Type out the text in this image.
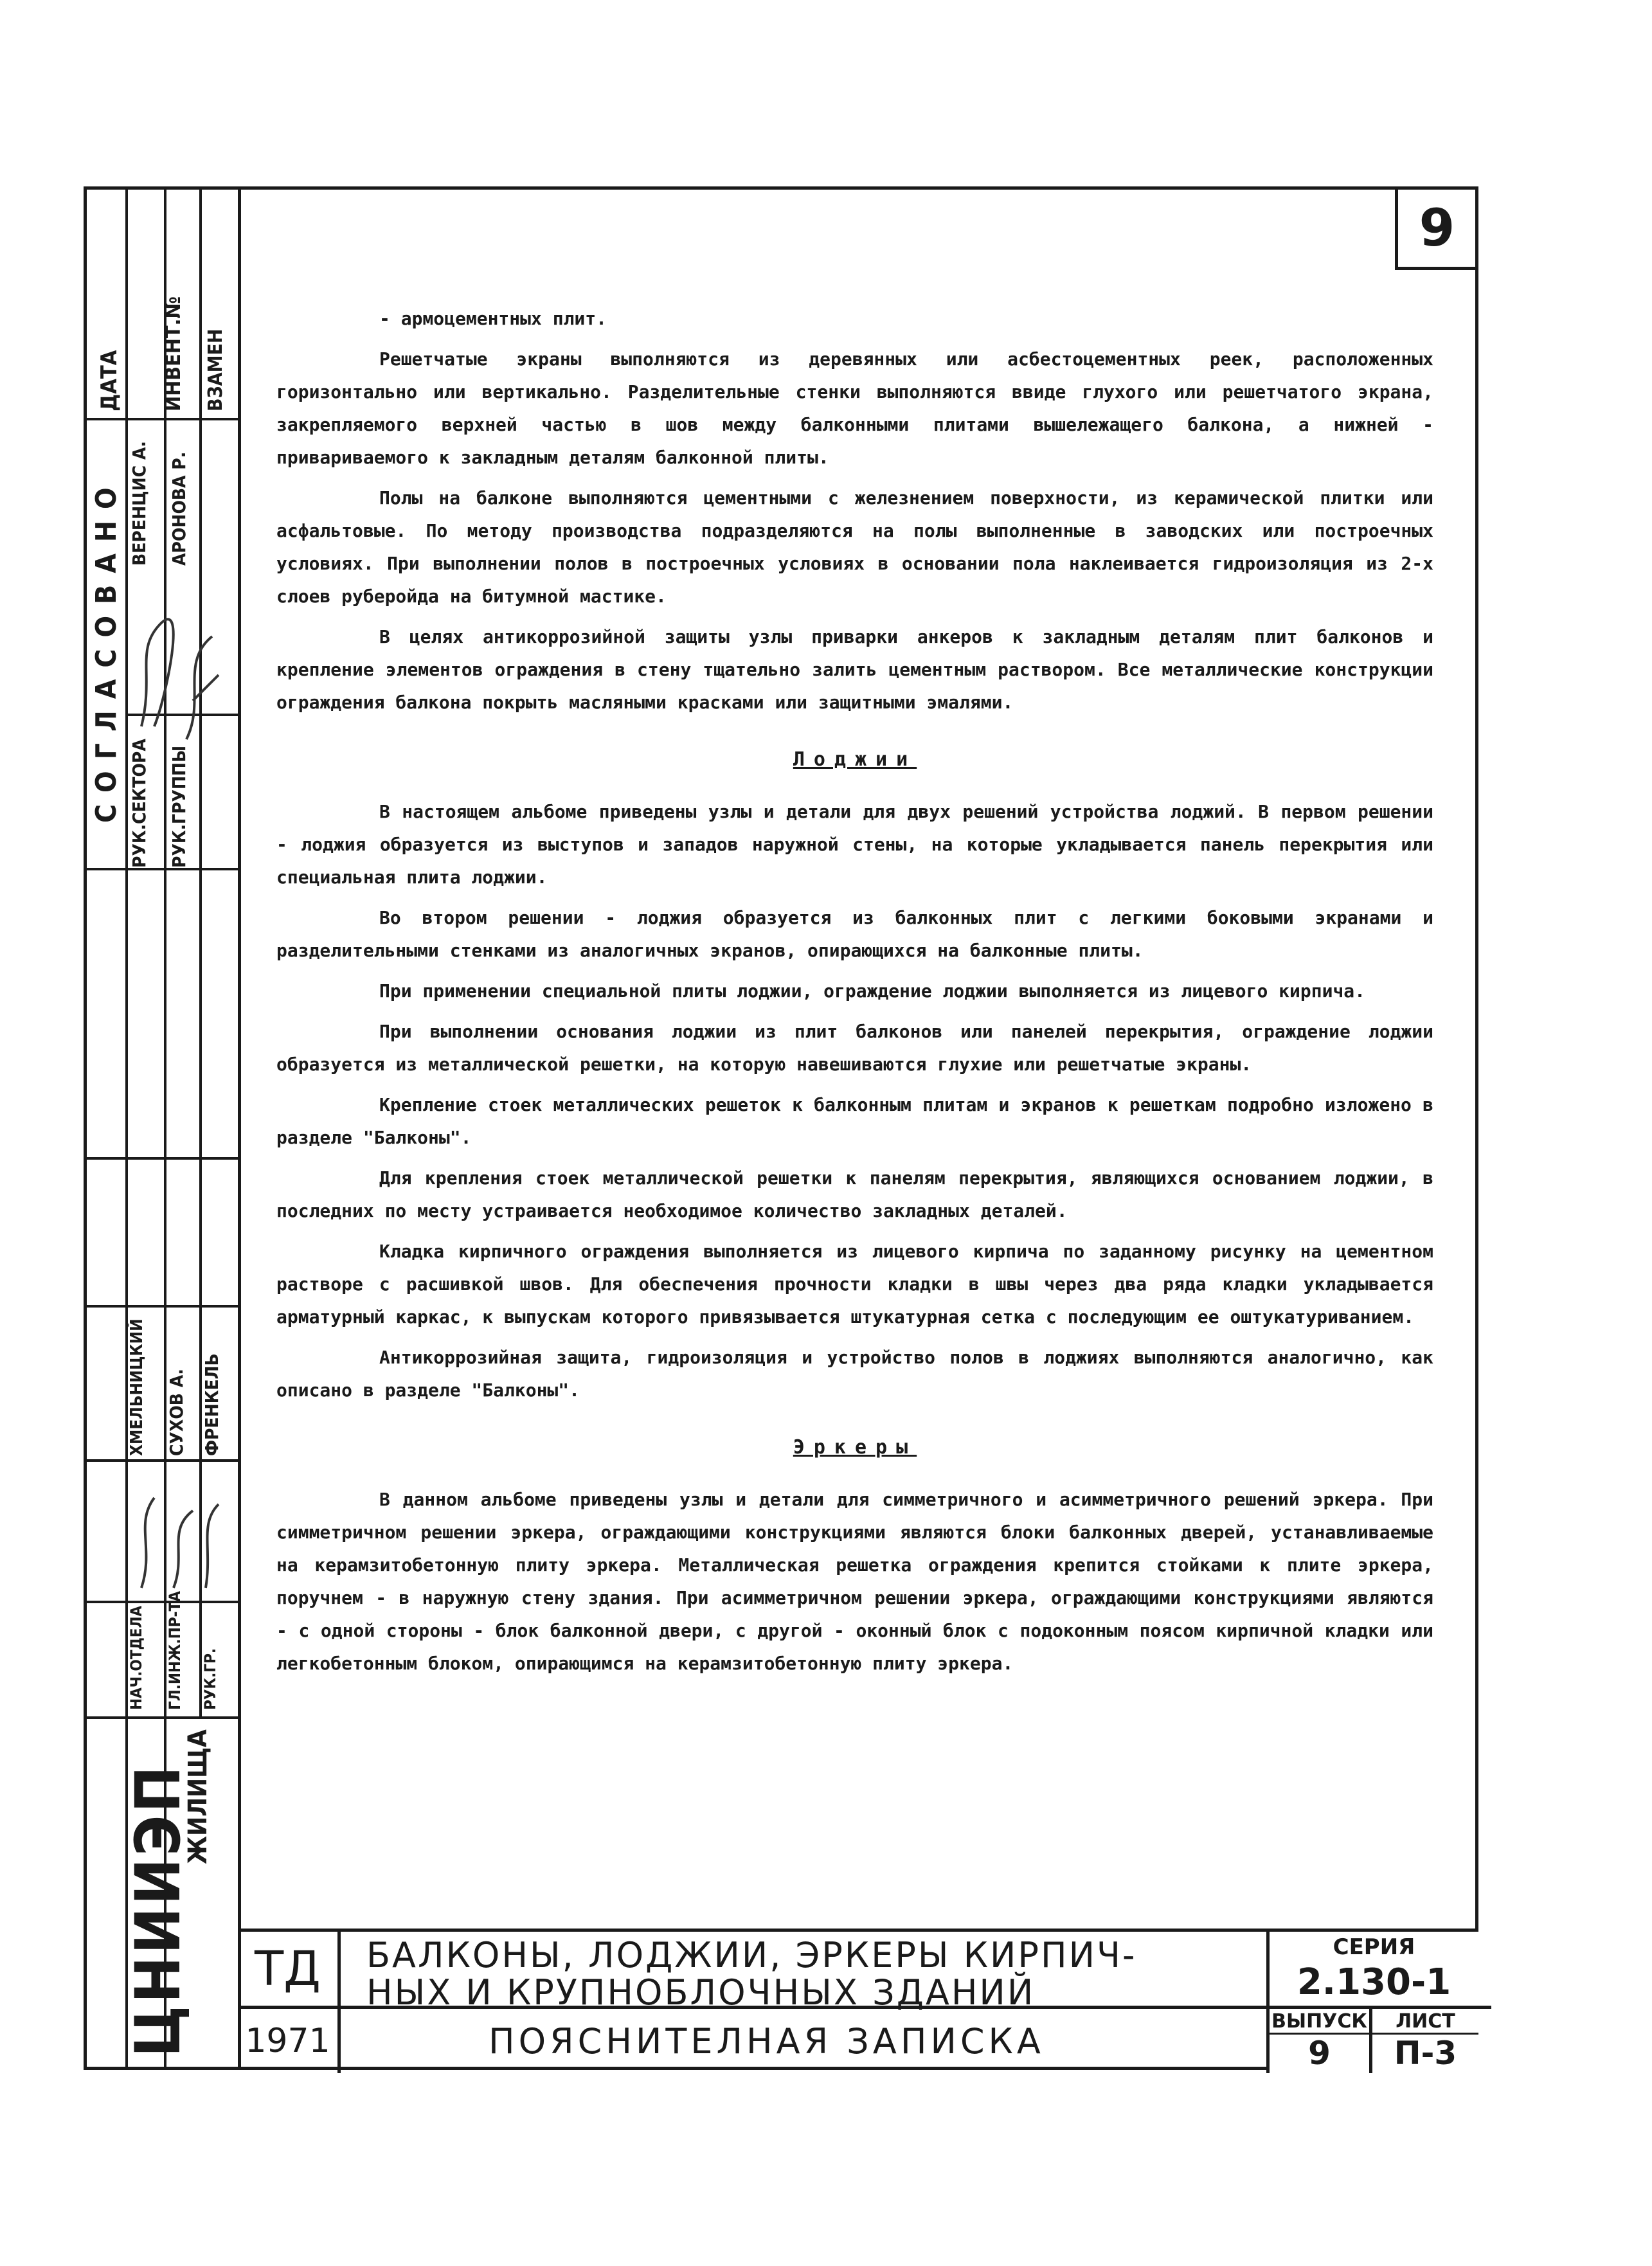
9
ДАТА ИНВЕНТ.№ ВЗАМЕН
СОГЛАСОВАНО РУК.СЕКТОРА РУК.ГРУППЫ
ВЕРЕНЦИС А. АРОНОВА Р.
ХМЕЛЬНИЦКИЙ СУХОВ А. ФРЕНКЕЛЬ
НАЧ.ОТДЕЛА ГЛ.ИНЖ.ПР-ТА РУК.ГР.
ЦНИИЭП
ЖИЛИЩА

- армоцементных плит.

Решетчатые экраны выполняются из деревянных или асбестоцементных реек, расположенных горизонтально или вертикально. Разделительные стенки выполняются ввиде глухого или решетчатого экрана, закрепляемого верхней частью в шов между балконными плитами вышележащего балкона, а нижней - привариваемого к закладным деталям балконной плиты.

Полы на балконе выполняются цементными с железнением поверхности, из керамической плитки или асфальтовые. По методу производства подразделяются на полы выполненные в заводских или построечных условиях. При выполнении полов в построечных условиях в основании пола наклеивается гидроизоляция из 2-х слоев руберойда на битумной мастике.

В целях антикоррозийной защиты узлы приварки анкеров к закладным деталям плит балконов и крепление элементов ограждения в стену тщательно залить цементным раствором. Все металлические конструкции ограждения балкона покрыть масляными красками или защитными эмалями.

Лоджии

В настоящем альбоме приведены узлы и детали для двух решений устройства лоджий. В первом решении - лоджия образуется из выступов и западов наружной стены, на которые укладывается панель перекрытия или специальная плита лоджии.

Во втором решении - лоджия образуется из балконных плит с легкими боковыми экранами и разделительными стенками из аналогичных экранов, опирающихся на балконные плиты.

При применении специальной плиты лоджии, ограждение лоджии выполняется из лицевого кирпича.

При выполнении основания лоджии из плит балконов или панелей перекрытия, ограждение лоджии образуется из металлической решетки, на которую навешиваются глухие или решетчатые экраны.

Крепление стоек металлических решеток к балконным плитам и экранов к решеткам подробно изложено в разделе "Балконы".

Для крепления стоек металлической решетки к панелям перекрытия, являющихся основанием лоджии, в последних по месту устраивается необходимое количество закладных деталей.

Кладка кирпичного ограждения выполняется из лицевого кирпича по заданному рисунку на цементном растворе с расшивкой швов. Для обеспечения прочности кладки в швы через два ряда кладки укладывается арматурный каркас, к выпускам которого привязывается штукатурная сетка с последующим ее оштукатуриванием.

Антикоррозийная защита, гидроизоляция и устройство полов в лоджиях выполняются аналогично, как описано в разделе "Балконы".

Эркеры

В данном альбоме приведены узлы и детали для симметричного и асимметричного решений эркера. При симметричном решении эркера, ограждающими конструкциями являются блоки балконных дверей, устанавливаемые на керамзитобетонную плиту эркера. Металлическая решетка ограждения крепится стойками к плите эркера, поручнем - в наружную стену здания. При асимметричном решении эркера, ограждающими конструкциями являются - с одной стороны - блок балконной двери, с другой - оконный блок с подоконным поясом кирпичной кладки или легкобетонным блоком, опирающимся на керамзитобетонную плиту эркера.

ТД
1971
БАЛКОНЫ, ЛОДЖИИ, ЭРКЕРЫ КИРПИЧ-
НЫХ И КРУПНОБЛОЧНЫХ ЗДАНИЙ
ПОЯСНИТЕЛНАЯ ЗАПИСКА
СЕРИЯ
2.130-1
ВЫПУСК
9
ЛИСТ
П-3
